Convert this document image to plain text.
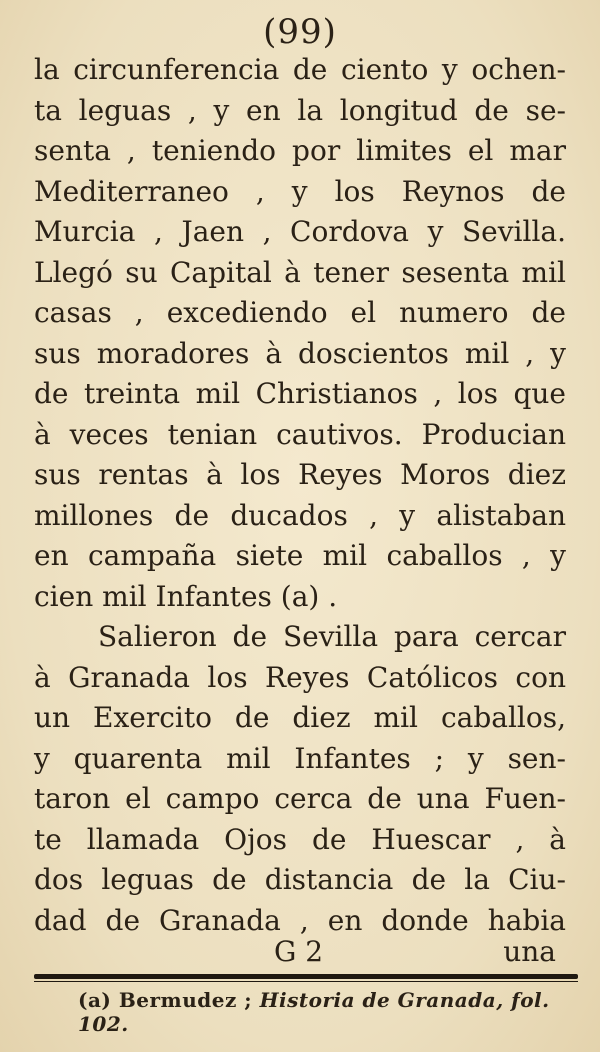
(99)
la circunferencia de ciento y ochen-
ta leguas , y en la longitud de se-
senta , teniendo por limites el mar
Mediterraneo , y los Reynos de
Murcia , Jaen , Cordova y Sevilla.
Llegó su Capital à tener sesenta mil
casas , excediendo el numero de
sus moradores à doscientos mil , y
de treinta mil Christianos , los que
à veces tenian cautivos. Producian
sus rentas à los Reyes Moros diez
millones de ducados , y alistaban
en campaña siete mil caballos , y
cien mil Infantes (a) .
Salieron de Sevilla para cercar
à Granada los Reyes Católicos con
un Exercito de diez mil caballos,
y quarenta mil Infantes ; y sen-
taron el campo cerca de una Fuen-
te llamada Ojos de Huescar , à
dos leguas de distancia de la Ciu-
dad de Granada , en donde habia
G 2	una
(a) Bermudez ; Historia de Granada, fol. 102.
